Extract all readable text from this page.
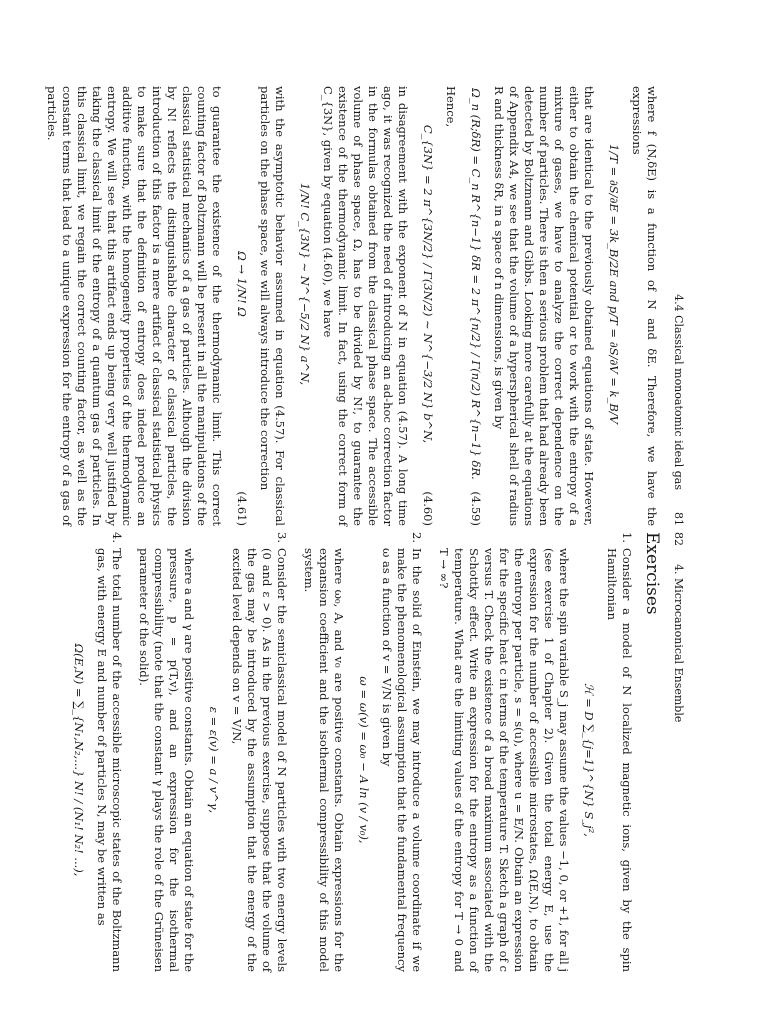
4.4 Classical monoatomic ideal gas
81

where f (N,δE) is a function of N and δE. Therefore, we have the expressions

1/T = ∂S/∂E = 3k_B/2E and p/T = ∂S/∂V = k_B/V

that are identical to the previously obtained equations of state. However, either to obtain the chemical potential or to work with the entropy of a mixture of gases, we have to analyze the correct dependence on the number of particles. There is then a serious problem that had already been detected by Boltzmann and Gibbs. Looking more carefully at the equations of Appendix A4, we see that the volume of a hyperspherical shell of radius R and thickness δR, in a space of n dimensions, is given by

Ω_n (R;δR) = C_n R^{n−1} δR = 2 π^{n/2} / Γ(n/2) R^{n−1} δR.
(4.59)

Hence,

C_{3N} = 2 π^{3N/2} / Γ(3N/2) ∼ N^{−3/2 N} b^N,
(4.60)

in disagreement with the exponent of N in equation (4.57). A long time ago, it was recognized the need of introducing an ad-hoc correction factor in the formulas obtained from the classical phase space. The accessible volume of phase space, Ω, has to be divided by N!, to guarantee the existence of the thermodynamic limit. In fact, using the correct form of C_{3N}, given by equation (4.60), we have

1/N! C_{3N} ∼ N^{−5/2 N} a^N,

with the asymptotic behavior assumed in equation (4.57). For classical particles on the phase space, we will always introduce the correction

Ω → 1/N! Ω
(4.61)

to guarantee the existence of the thermodynamic limit. This correct counting factor of Boltzmann will be present in all the manipulations of the classical statistical mechanics of a gas of particles. Although the division by N! reflects the distinguishable character of classical particles, the introduction of this factor is a mere artifact of classical statistical physics to make sure that the definition of entropy does indeed produce an additive function, with the homogeneity properties of the thermodynamic entropy. We will see that this artifact ends up being very well justified by taking the classical limit of the entropy of a quantum gas of particles. In this classical limit, we regain the correct counting factor, as well as the constant terms that lead to a unique expression for the entropy of a gas of particles.

82
4. Microcanonical Ensemble
Exercises
1.

Consider a model of N localized magnetic ions, given by the spin Hamiltonian

ℋ = D ∑_{j=1}^{N} S_j²,

where the spin variable S_j may assume the values −1, 0, or +1, for all j (see exercise 1 of Chapter 2). Given the total energy E, use the expression for the number of accessible microstates, Ω(E,N), to obtain the entropy per particle, s = s(u), where u = E/N. Obtain an expression for the specific heat c in terms of the temperature T. Sketch a graph of c versus T. Check the existence of a broad maximum associated with the Schottky effect. Write an expression for the entropy as a function of temperature. What are the limiting values of the entropy for T → 0 and T → ∞?

2.

In the solid of Einstein, we may introduce a volume coordinate if we make the phenomenological assumption that the fundamental frequency ω as a function of v = V/N is given by

ω = ω(v) = ω₀ − A ln (v / v₀),

where ω₀, A, and v₀ are positive constants. Obtain expressions for the expansion coefficient and the isothermal compressibility of this model system.

3.

Consider the semiclassical model of N particles with two energy levels (0 and ε > 0). As in the previous exercise, suppose that the volume of the gas may be introduced by the assumption that the energy of the excited level depends on v = V/N,

ε = ε(v) = a / v^γ,

where a and γ are positive constants. Obtain an equation of state for the pressure, p = p(T,v), and an expression for the isothermal compressibility (note that the constant γ plays the role of the Grüneisen parameter of the solid).

4.

The total number of the accessible microscopic states of the Boltzmann gas, with energy E and number of particles N, may be written as

Ω(E,N) = ∑_{N₁,N₂,...} N! / (N₁! N₂! ...),
